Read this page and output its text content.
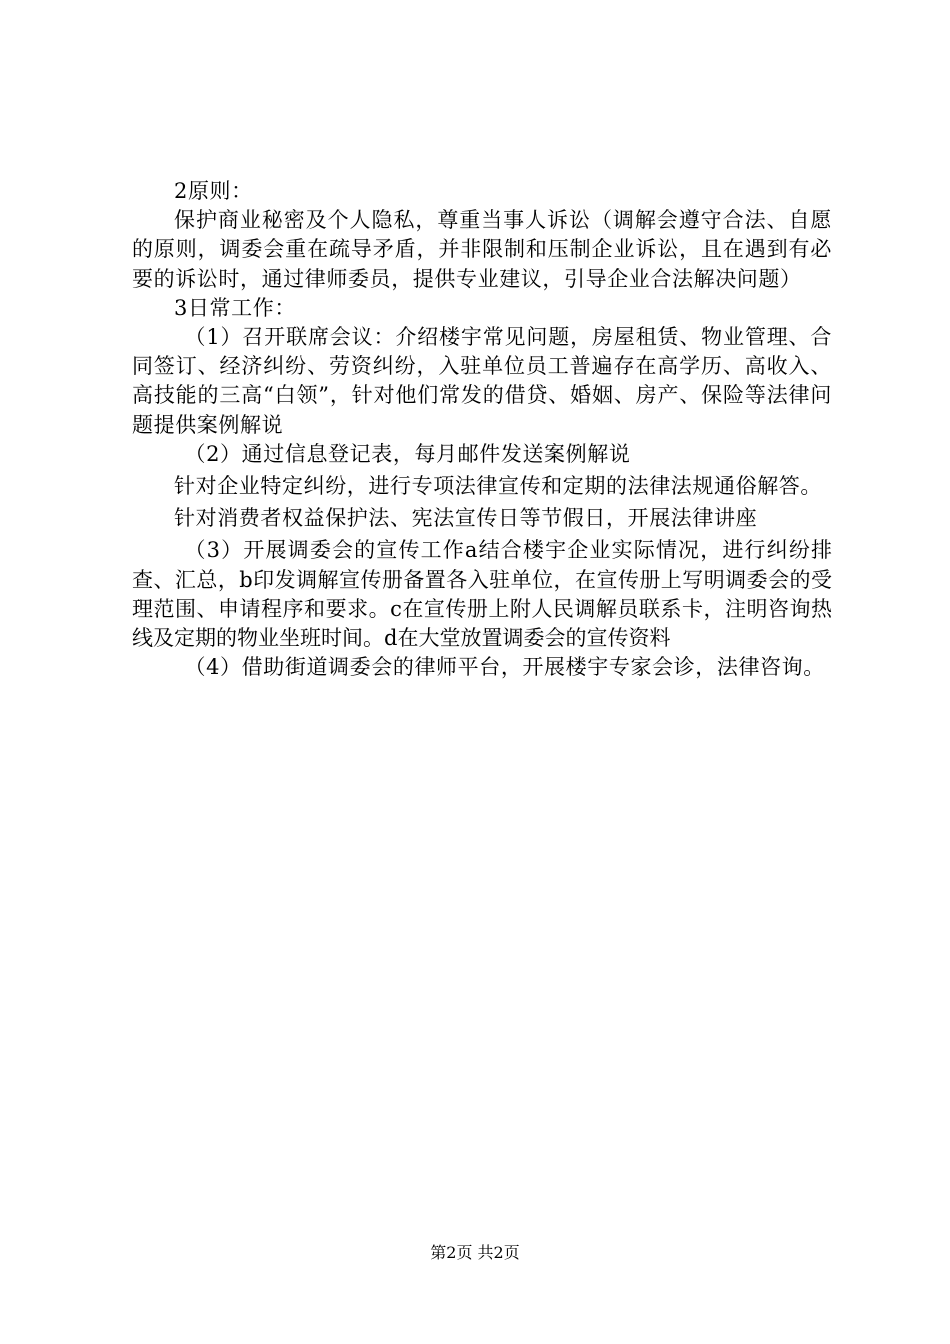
2原则：

保护商业秘密及个人隐私，尊重当事人诉讼（调解会遵守合法、自愿的原则，调委会重在疏导矛盾，并非限制和压制企业诉讼，且在遇到有必要的诉讼时，通过律师委员，提供专业建议，引导企业合法解决问题）

3日常工作：

（1）召开联席会议：介绍楼宇常见问题，房屋租赁、物业管理、合同签订、经济纠纷、劳资纠纷，入驻单位员工普遍存在高学历、高收入、高技能的三高“白领”，针对他们常发的借贷、婚姻、房产、保险等法律问题提供案例解说

（2）通过信息登记表，每月邮件发送案例解说

针对企业特定纠纷，进行专项法律宣传和定期的法律法规通俗解答。

针对消费者权益保护法、宪法宣传日等节假日，开展法律讲座

（3）开展调委会的宣传工作a结合楼宇企业实际情况，进行纠纷排查、汇总，b印发调解宣传册备置各入驻单位，在宣传册上写明调委会的受理范围、申请程序和要求。c在宣传册上附人民调解员联系卡，注明咨询热线及定期的物业坐班时间。d在大堂放置调委会的宣传资料

（4）借助街道调委会的律师平台，开展楼宇专家会诊，法律咨询。

第2页 共2页
